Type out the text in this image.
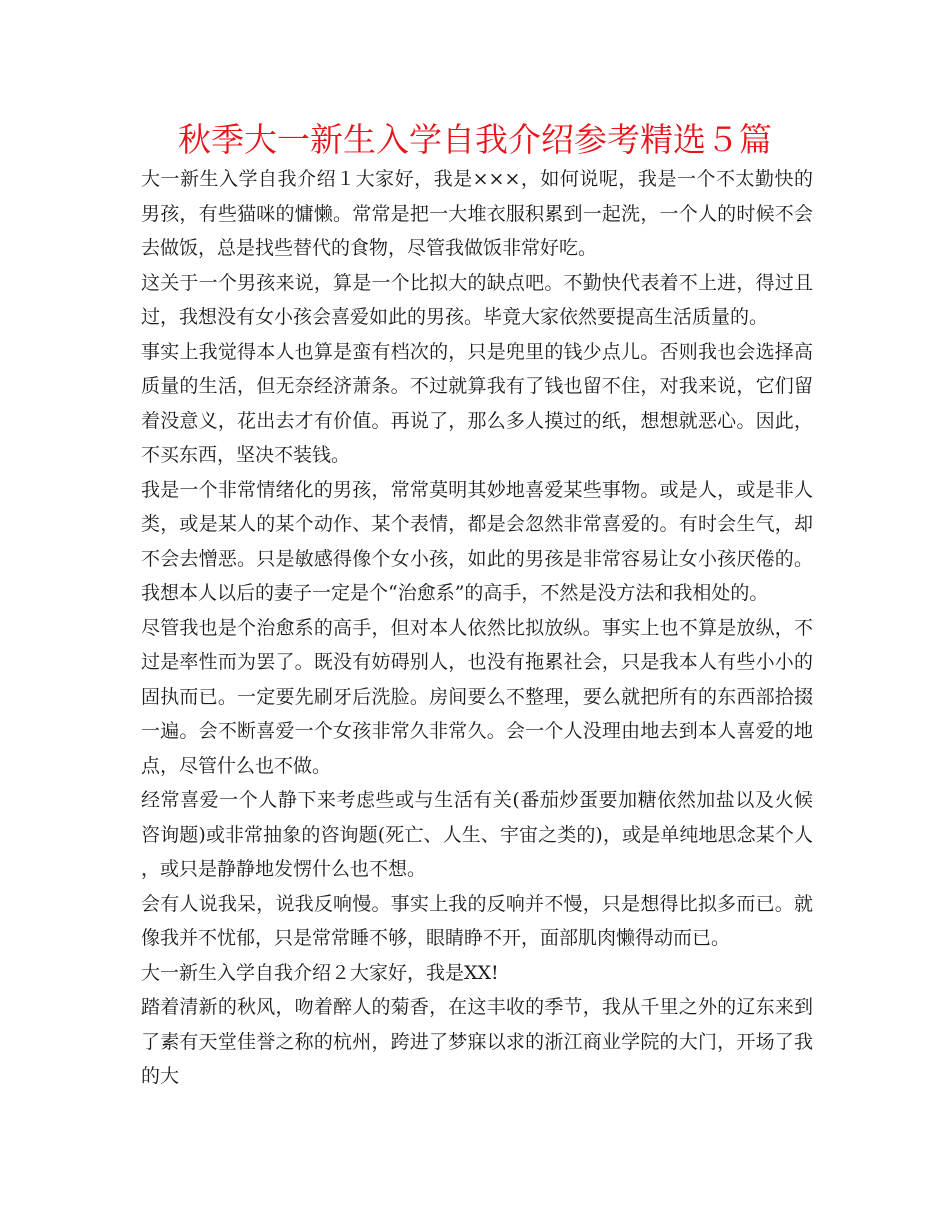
秋季大一新生入学自我介绍参考精选５篇

大一新生入学自我介绍１大家好，我是×××，如何说呢，我是一个不太勤快的男孩，有些猫咪的慵懒。常常是把一大堆衣服积累到一起洗，一个人的时候不会去做饭，总是找些替代的食物，尽管我做饭非常好吃。

这关于一个男孩来说，算是一个比拟大的缺点吧。不勤快代表着不上进，得过且过，我想没有女小孩会喜爱如此的男孩。毕竟大家依然要提高生活质量的。

事实上我觉得本人也算是蛮有档次的，只是兜里的钱少点儿。否则我也会选择高质量的生活，但无奈经济萧条。不过就算我有了钱也留不住，对我来说，它们留着没意义，花出去才有价值。再说了，那么多人摸过的纸，想想就恶心。因此，不买东西，坚决不装钱。

我是一个非常情绪化的男孩，常常莫明其妙地喜爱某些事物。或是人，或是非人类，或是某人的某个动作、某个表情，都是会忽然非常喜爱的。有时会生气，却不会去憎恶。只是敏感得像个女小孩，如此的男孩是非常容易让女小孩厌倦的。我想本人以后的妻子一定是个“治愈系”的高手，不然是没方法和我相处的。

尽管我也是个治愈系的高手，但对本人依然比拟放纵。事实上也不算是放纵，不过是率性而为罢了。既没有妨碍别人，也没有拖累社会，只是我本人有些小小的固执而已。一定要先刷牙后洗脸。房间要么不整理，要么就把所有的东西部拾掇一遍。会不断喜爱一个女孩非常久非常久。会一个人没理由地去到本人喜爱的地点，尽管什么也不做。

经常喜爱一个人静下来考虑些或与生活有关(番茄炒蛋要加糖依然加盐以及火候咨询题)或非常抽象的咨询题(死亡、人生、宇宙之类的)，或是单纯地思念某个人，或只是静静地发愣什么也不想。

会有人说我呆，说我反响慢。事实上我的反响并不慢，只是想得比拟多而已。就像我并不忧郁，只是常常睡不够，眼睛睁不开，面部肌肉懒得动而已。

大一新生入学自我介绍２大家好，我是XX!

踏着清新的秋风，吻着醉人的菊香，在这丰收的季节，我从千里之外的辽东来到了素有天堂佳誉之称的杭州，跨进了梦寐以求的浙江商业学院的大门，开场了我的大
